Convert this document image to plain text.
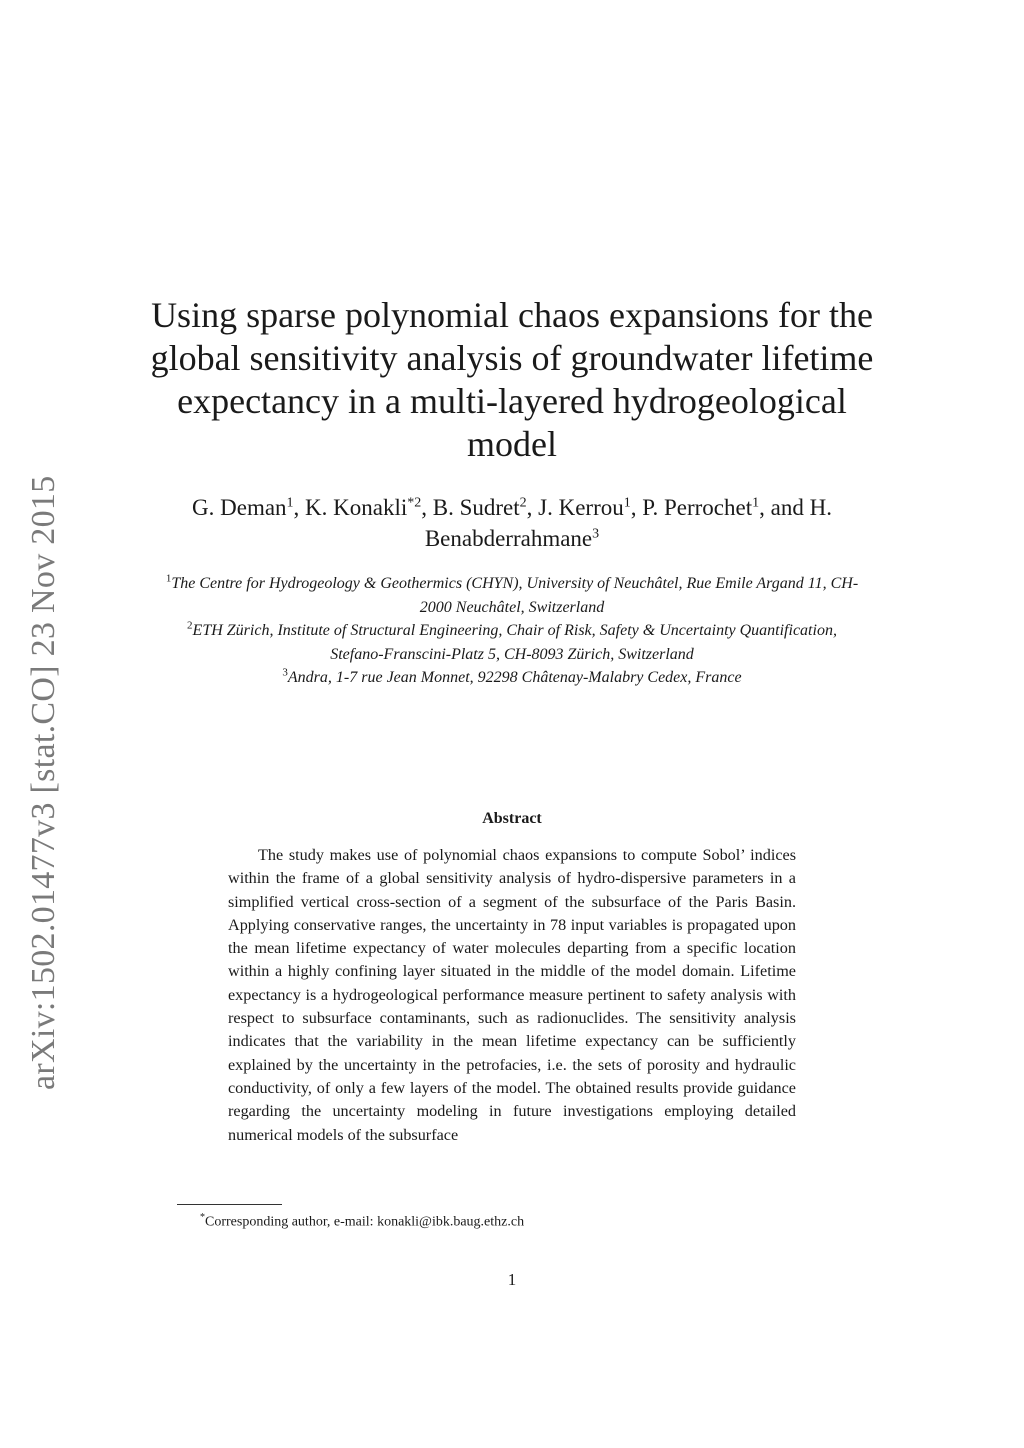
arXiv:1502.01477v3 [stat.CO] 23 Nov 2015
Using sparse polynomial chaos expansions for the global sensitivity analysis of groundwater lifetime expectancy in a multi-layered hydrogeological model
G. Deman$^1$, K. Konakli$^{*2}$, B. Sudret$^2$, J. Kerrou$^1$, P. Perrochet$^1$, and H. Benabderrahmane$^3$
$^1$The Centre for Hydrogeology & Geothermics (CHYN), University of Neuchâtel, Rue Emile Argand 11, CH-2000 Neuchâtel, Switzerland
$^2$ETH Zürich, Institute of Structural Engineering, Chair of Risk, Safety & Uncertainty Quantification, Stefano-Franscini-Platz 5, CH-8093 Zürich, Switzerland
$^3$Andra, 1-7 rue Jean Monnet, 92298 Châtenay-Malabry Cedex, France
Abstract

The study makes use of polynomial chaos expansions to compute Sobol’ indices within the frame of a global sensitivity analysis of hydro-dispersive parameters in a simplified vertical cross-section of a segment of the subsurface of the Paris Basin. Applying conservative ranges, the uncertainty in 78 input variables is propagated upon the mean lifetime expectancy of water molecules departing from a specific location within a highly confining layer situated in the middle of the model domain. Lifetime expectancy is a hydrogeological performance measure pertinent to safety analysis with respect to subsurface contaminants, such as radionuclides. The sensitivity analysis indicates that the variability in the mean lifetime expectancy can be sufficiently explained by the uncertainty in the petrofacies, i.e. the sets of porosity and hydraulic conductivity, of only a few layers of the model. The obtained results provide guidance regarding the uncertainty modeling in future investigations employing detailed numerical models of the subsurface

*Corresponding author, e-mail: konakli@ibk.baug.ethz.ch
1
